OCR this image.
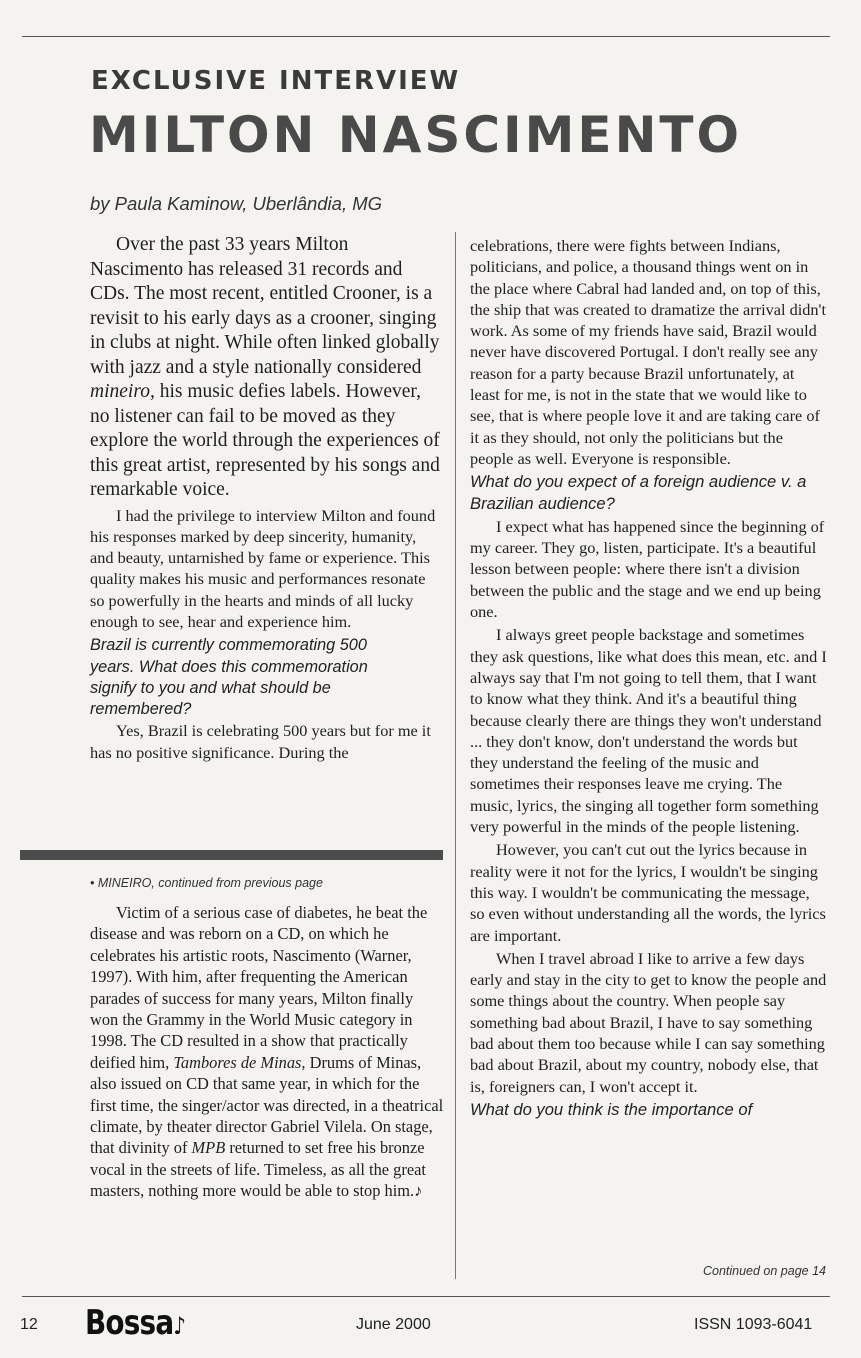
EXCLUSIVE INTERVIEW
MILTON NASCIMENTO

by Paula Kaminow, Uberlândia, MG

Over the past 33 years Milton Nascimento has released 31 records and CDs. The most recent, entitled Crooner, is a revisit to his early days as a crooner, singing in clubs at night. While often linked globally with jazz and a style nationally considered mineiro, his music defies labels. However, no listener can fail to be moved as they explore the world through the experiences of this great artist, represented by his songs and remarkable voice.

I had the privilege to interview Milton and found his responses marked by deep sincerity, humanity, and beauty, untarnished by fame or experience. This quality makes his music and performances resonate so powerfully in the hearts and minds of all lucky enough to see, hear and experience him.

Brazil is currently commemorating 500 years. What does this commemoration signify to you and what should be remembered?

Yes, Brazil is celebrating 500 years but for me it has no positive significance. During the

• MINEIRO, continued from previous page

Victim of a serious case of diabetes, he beat the disease and was reborn on a CD, on which he celebrates his artistic roots, Nascimento (Warner, 1997). With him, after frequenting the American parades of success for many years, Milton finally won the Grammy in the World Music category in 1998. The CD resulted in a show that practically deified him, Tambores de Minas, Drums of Minas, also issued on CD that same year, in which for the first time, the singer/actor was directed, in a theatrical climate, by theater director Gabriel Vilela. On stage, that divinity of MPB returned to set free his bronze vocal in the streets of life. Timeless, as all the great masters, nothing more would be able to stop him.♪

celebrations, there were fights between Indians, politicians, and police, a thousand things went on in the place where Cabral had landed and, on top of this, the ship that was created to dramatize the arrival didn't work. As some of my friends have said, Brazil would never have discovered Portugal. I don't really see any reason for a party because Brazil unfortunately, at least for me, is not in the state that we would like to see, that is where people love it and are taking care of it as they should, not only the politicians but the people as well. Everyone is responsible.

What do you expect of a foreign audience v. a Brazilian audience?

I expect what has happened since the beginning of my career. They go, listen, participate. It's a beautiful lesson between people: where there isn't a division between the public and the stage and we end up being one.

I always greet people backstage and sometimes they ask questions, like what does this mean, etc. and I always say that I'm not going to tell them, that I want to know what they think. And it's a beautiful thing because clearly there are things they won't understand ... they don't know, don't understand the words but they understand the feeling of the music and sometimes their responses leave me crying. The music, lyrics, the singing all together form something very powerful in the minds of the people listening.

However, you can't cut out the lyrics because in reality were it not for the lyrics, I wouldn't be singing this way. I wouldn't be communicating the message, so even without understanding all the words, the lyrics are important.

When I travel abroad I like to arrive a few days early and stay in the city to get to know the people and some things about the country. When people say something bad about Brazil, I have to say something bad about them too because while I can say something bad about Brazil, about my country, nobody else, that is, foreigners can, I won't accept it.

What do you think is the importance of

Continued on page 14

12 Bossa♪	June 2000	ISSN 1093-6041
